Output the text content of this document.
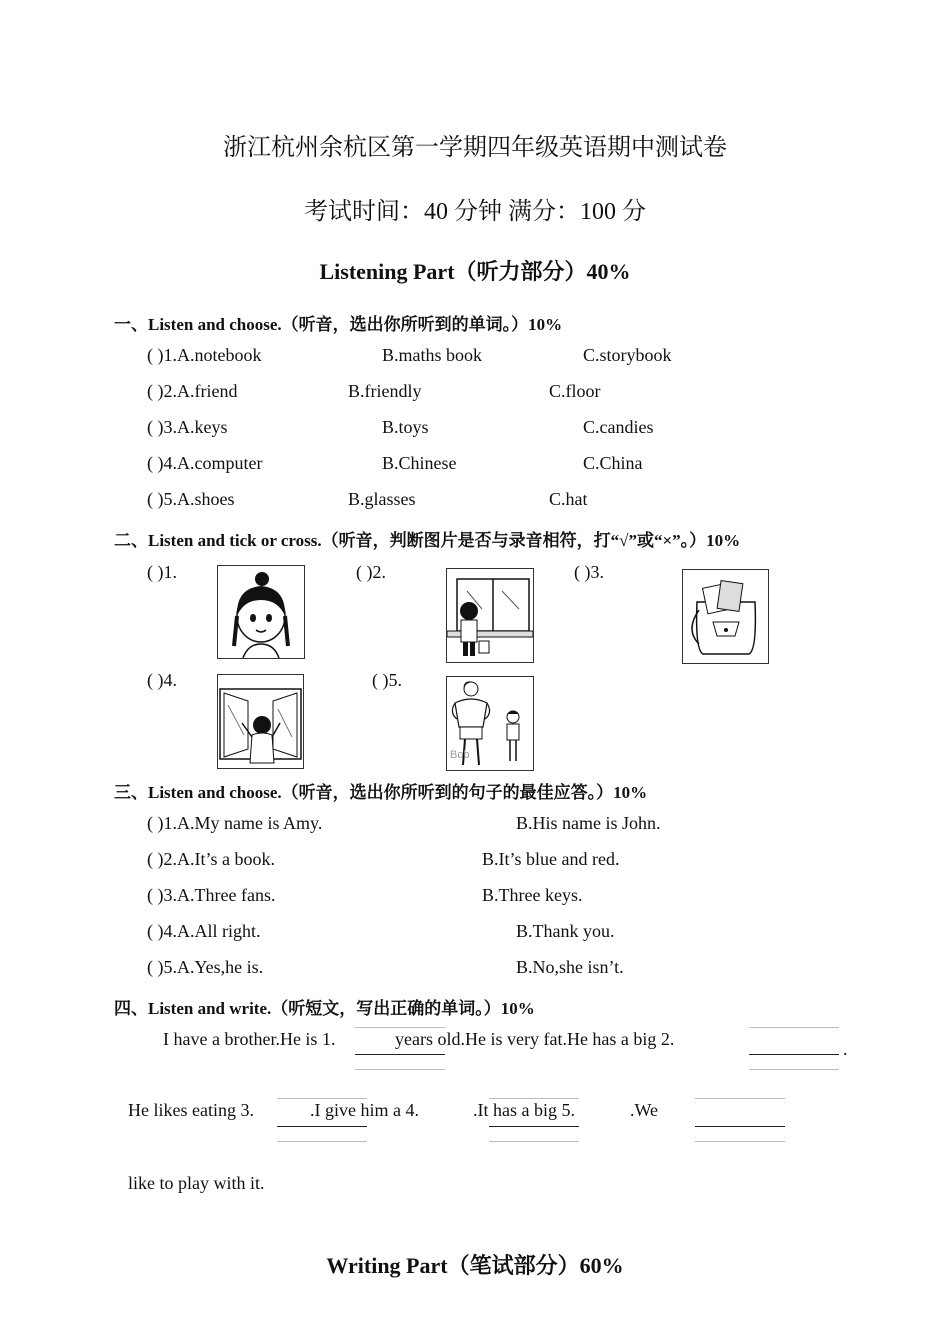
浙江杭州余杭区第一学期四年级英语期中测试卷
考试时间：40 分钟 满分：100 分
Listening Part（听力部分）40%
一、Listen and choose.（听音，选出你所听到的单词。）10%
( )1.A.notebook	B.maths book	C.storybook
( )2.A.friend	B.friendly	C.floor
( )3.A.keys	B.toys	C.candies
( )4.A.computer	B.Chinese	C.China
( )5.A.shoes	B.glasses	C.hat
二、Listen and tick or cross.（听音，判断图片是否与录音相符，打“√”或“×”。）10%
( )1.	( )2.	( )3.
( )4.	( )5.
Bob
三、Listen and choose.（听音，选出你所听到的句子的最佳应答。）10%
( )1.A.My name is Amy.	B.His name is John.
( )2.A.It’s a book.	B.It’s blue and red.
( )3.A.Three fans.	B.Three keys.
( )4.A.All right.	B.Thank you.
( )5.A.Yes,he is.	B.No,she isn’t.
四、Listen and write.（听短文，写出正确的单词。）10%
I have a brother.He is 1.	years old.He is very fat.He has a big 2.	.
He likes eating 3.	.I give him a 4.	.It has a big 5.	.We
like to play with it.
Writing Part（笔试部分）60%
